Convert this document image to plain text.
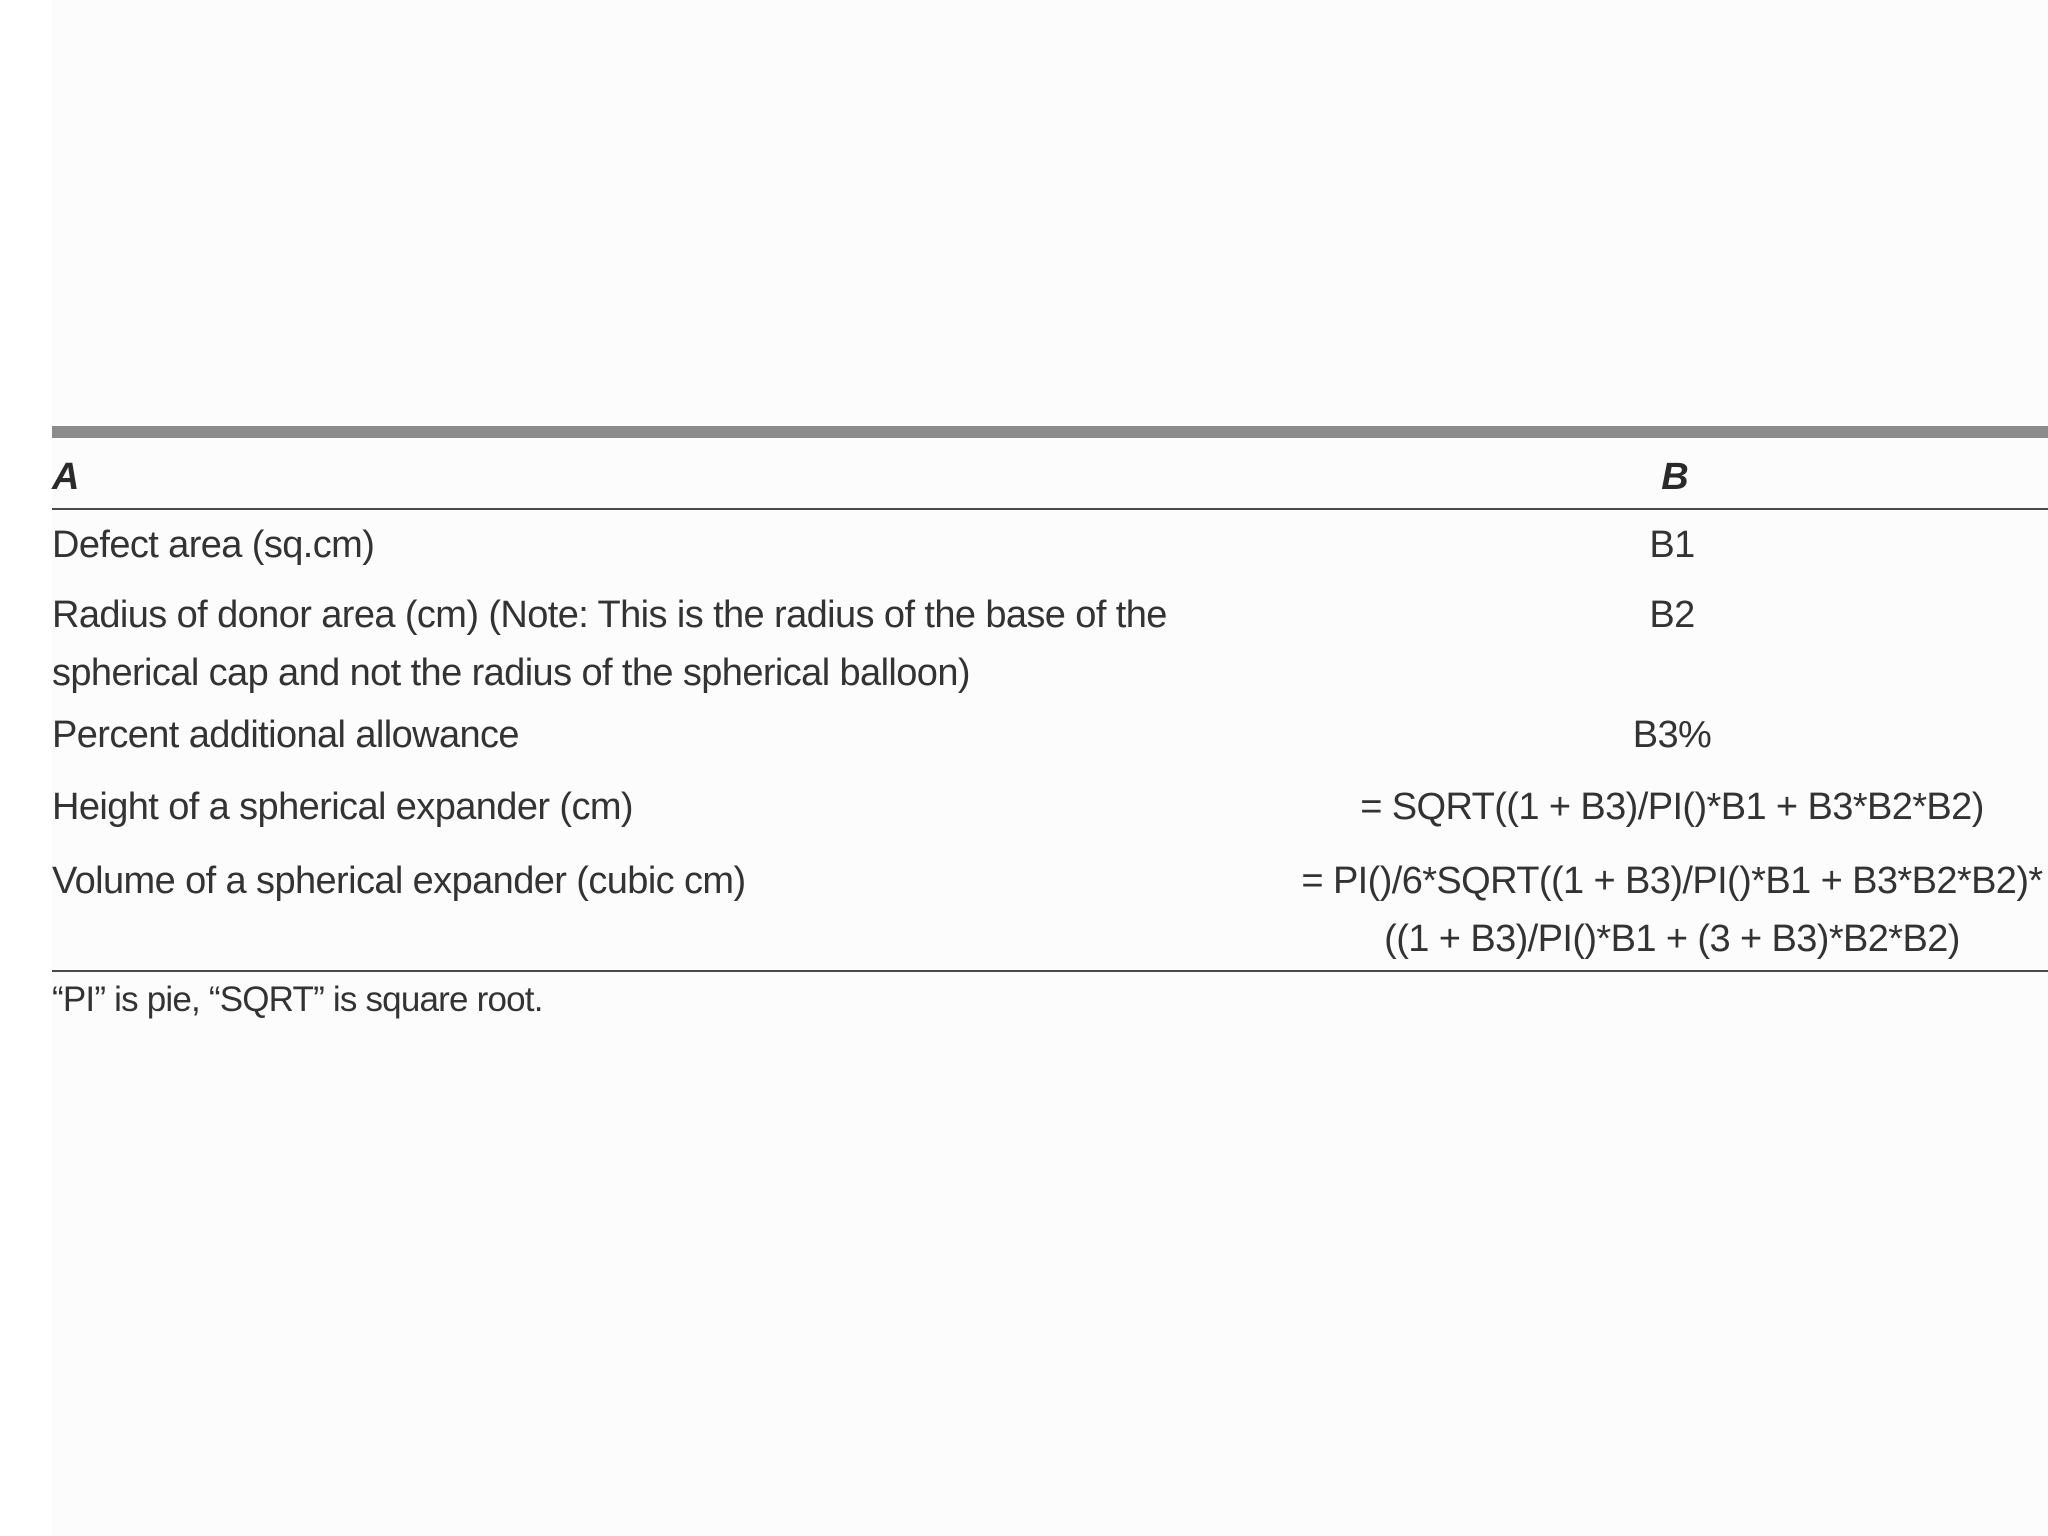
A	B
Defect area (sq.cm)	B1
Radius of donor area (cm) (Note: This is the radius of the base of the
spherical cap and not the radius of the spherical balloon)
B2
Percent additional allowance	B3%
Height of a spherical expander (cm)	= SQRT((1 + B3)/PI()*B1 + B3*B2*B2)
Volume of a spherical expander (cubic cm)	= PI()/6*SQRT((1 + B3)/PI()*B1 + B3*B2*B2)*
((1 + B3)/PI()*B1 + (3 + B3)*B2*B2)
“PI” is pie, “SQRT” is square root.
